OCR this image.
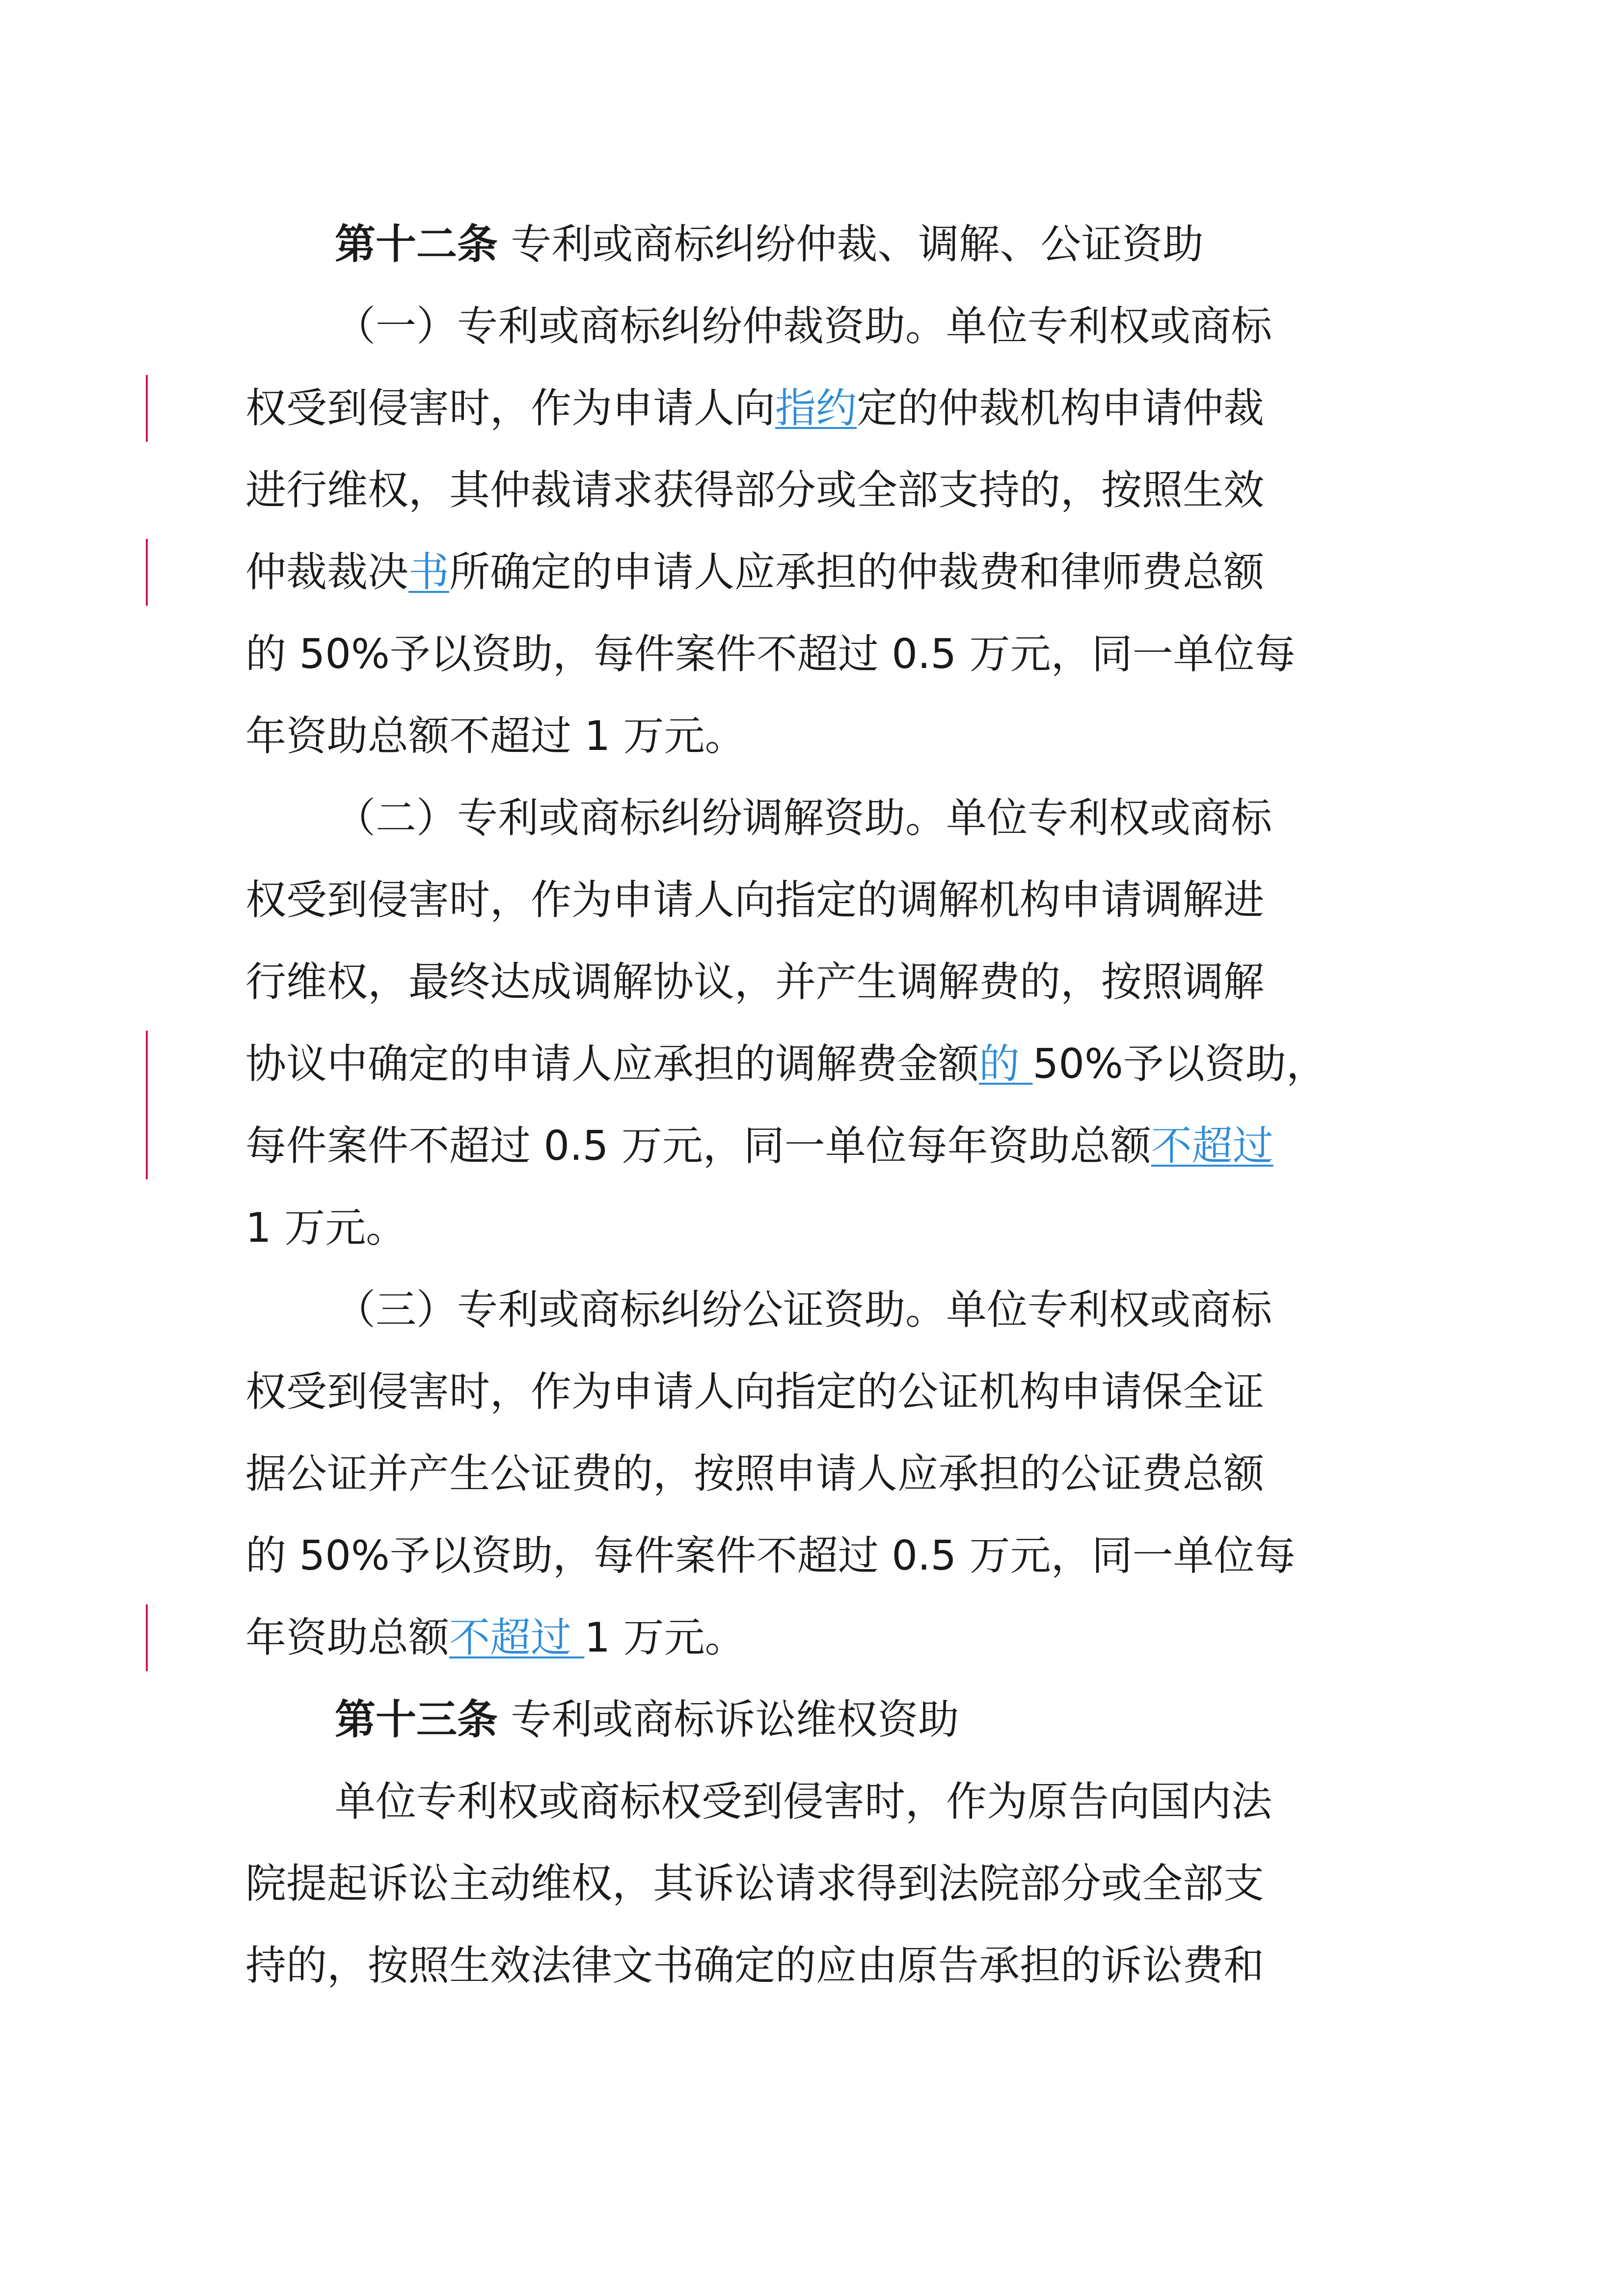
第十二条 专利或商标纠纷仲裁、调解、公证资助
（一）专利或商标纠纷仲裁资助。单位专利权或商标
权受到侵害时，作为申请人向指约定的仲裁机构申请仲裁
进行维权，其仲裁请求获得部分或全部支持的，按照生效
仲裁裁决书所确定的申请人应承担的仲裁费和律师费总额
的 50%予以资助，每件案件不超过 0.5 万元，同一单位每
年资助总额不超过 1 万元。
（二）专利或商标纠纷调解资助。单位专利权或商标
权受到侵害时，作为申请人向指定的调解机构申请调解进
行维权，最终达成调解协议，并产生调解费的，按照调解
协议中确定的申请人应承担的调解费金额的 50%予以资助，
每件案件不超过 0.5 万元，同一单位每年资助总额不超过
1 万元。
（三）专利或商标纠纷公证资助。单位专利权或商标
权受到侵害时，作为申请人向指定的公证机构申请保全证
据公证并产生公证费的，按照申请人应承担的公证费总额
的 50%予以资助，每件案件不超过 0.5 万元，同一单位每
年资助总额不超过 1 万元。
第十三条 专利或商标诉讼维权资助
单位专利权或商标权受到侵害时，作为原告向国内法
院提起诉讼主动维权，其诉讼请求得到法院部分或全部支
持的，按照生效法律文书确定的应由原告承担的诉讼费和
